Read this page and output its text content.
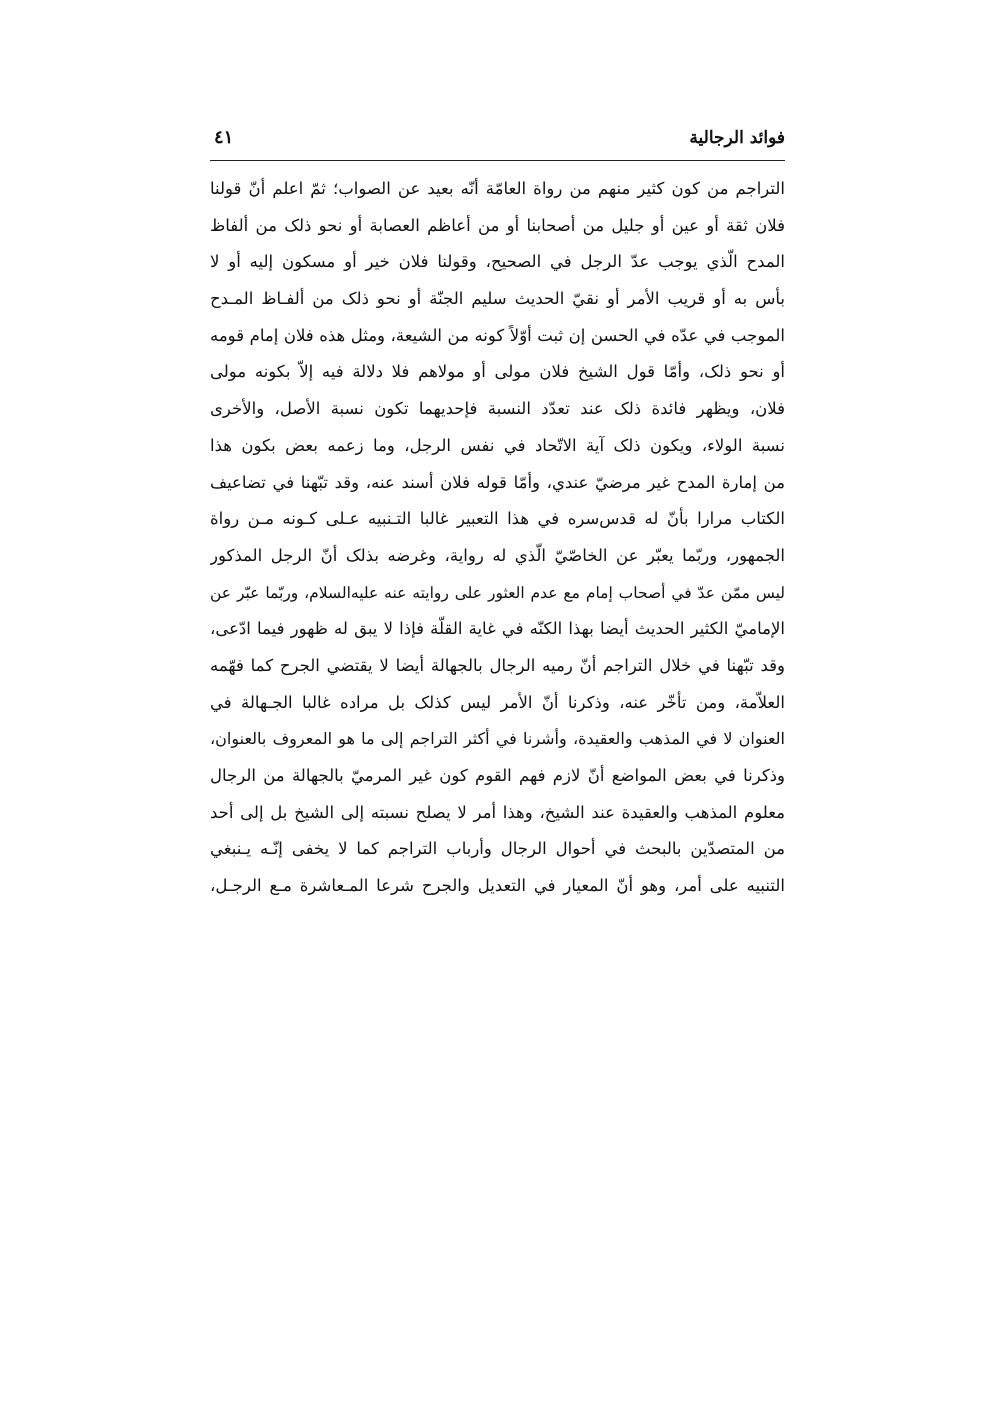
فوائد الرجالية
٤١
التراجم من كون كثير منهم من رواة العامّة أنّه بعيد عن الصواب؛ ثمّ اعلم أنّ قولنا
فلان ثقة أو عين أو جليل من أصحابنا أو من أعاظم العصابة أو نحو ذلک من ألفاظ
المدح الّذي يوجب عدّ الرجل في الصحيح، وقولنا فلان خير أو مسكون إليه أو لا
بأس به أو قريب الأمر أو نقيّ الحديث سليم الجنّة أو نحو ذلک من ألفـاظ المـدح
الموجب في عدّه في الحسن إن ثبت أوّلاً كونه من الشيعة، ومثل هذه فلان إمام قومه
أو نحو ذلک، وأمّا قول الشيخ فلان مولى أو مولاهم فلا دلالة فيه إلاّ بكونه مولى
فلان، ويظهر فائدة ذلک عند تعدّد النسبة فإحديهما تكون نسبة الأصل، والأخرى
نسبة الولاء، ويكون ذلک آية الاتّحاد في نفس الرجل، وما زعمه بعض بكون هذا
من إمارة المدح غير مرضيّ عندي، وأمّا قوله فلان أسند عنه، وقد تبّهنا في تضاعيف
الكتاب مرارا بأنّ له قدس‌سره في هذا التعبير غالبا التـنبيه عـلى كـونه مـن رواة
الجمهور، وربّما يعبّر عن الخاصّيّ الّذي له رواية، وغرضه بذلک أنّ الرجل المذكور
ليس ممّن عدّ في أصحاب إمام مع عدم العثور على روايته عنه عليه‌السلام، وربّما عبّر عن
الإماميّ الكثير الحديث أيضا بهذا الكنّه في غاية القلّة فإذا لا يبق له ظهور فيما ادّعى،
وقد تبّهنا في خلال التراجم أنّ رميه الرجال بالجهالة أيضا لا يقتضي الجرح كما فهّمه
العلاّمة، ومن تأخّر عنه، وذكرنا أنّ الأمر ليس كذلک بل مراده غالبا الجـهالة في
العنوان لا في المذهب والعقيدة، وأشرنا في أكثر التراجم إلى ما هو المعروف بالعنوان،
وذكرنا في بعض المواضع أنّ لازم فهم القوم كون غير المرميّ بالجهالة من الرجال
معلوم المذهب والعقيدة عند الشيخ، وهذا أمر لا يصلح نسبته إلى الشيخ بل إلى أحد
من المتصدّين بالبحث في أحوال الرجال وأرباب التراجم كما لا يخفى إنّـه يـنبغي
التنبيه على أمر، وهو أنّ المعيار في التعديل والجرح شرعا المـعاشرة مـع الرجـل،
